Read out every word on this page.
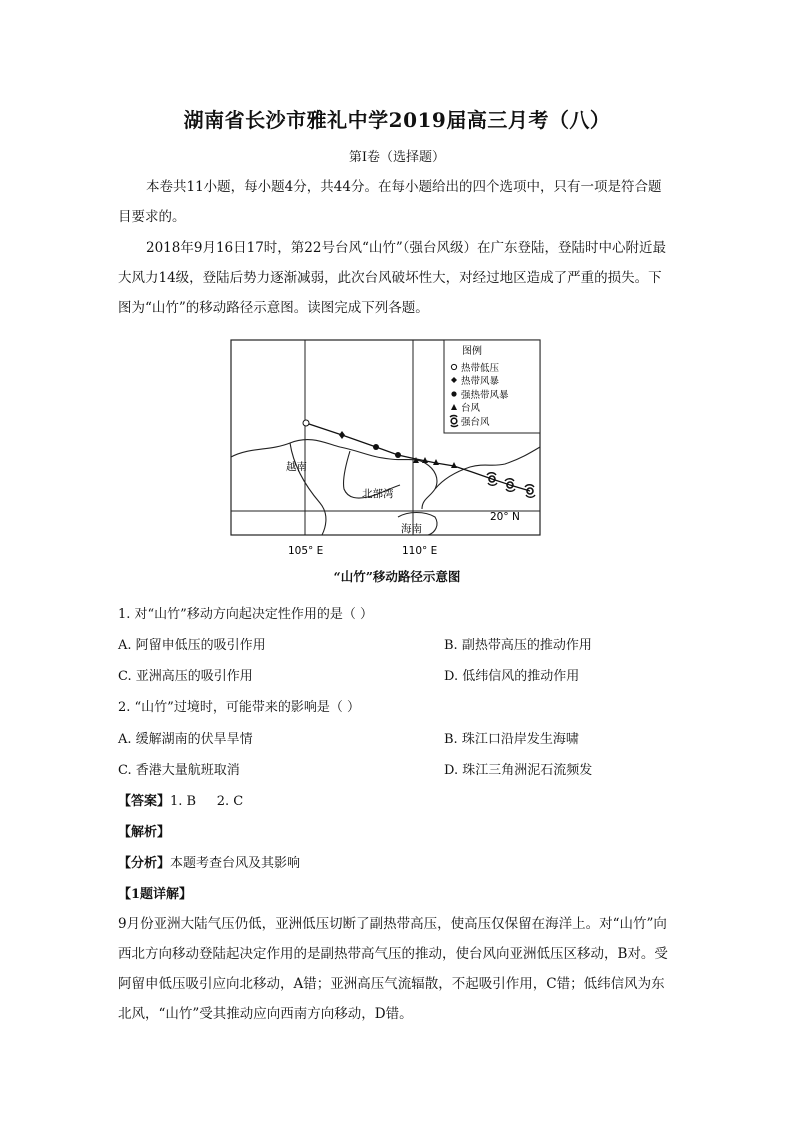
湖南省长沙市雅礼中学2019届高三月考（八）
第Ⅰ卷（选择题）
本卷共11小题，每小题4分，共44分。在每小题给出的四个选项中，只有一项是符合题目要求的。
2018年9月16日17时，第22号台风“山竹”（强台风级）在广东登陆，登陆时中心附近最大风力14级，登陆后势力逐渐减弱，此次台风破坏性大，对经过地区造成了严重的损失。下图为“山竹”的移动路径示意图。读图完成下列各题。
图例
热带低压
热带风暴
强热带风暴
台风
强台风
越南
北部湾
海南
20° N
105° E	110° E
“山竹”移动路径示意图
1. 对“山竹”移动方向起决定性作用的是（ ）
A. 阿留申低压的吸引作用	B. 副热带高压的推动作用
C. 亚洲高压的吸引作用	D. 低纬信风的推动作用
2. “山竹”过境时，可能带来的影响是（ ）
A. 缓解湖南的伏旱旱情	B. 珠江口沿岸发生海啸
C. 香港大量航班取消	D. 珠江三角洲泥石流频发
【答案】1. B     2. C
【解析】
【分析】本题考查台风及其影响
【1题详解】
9月份亚洲大陆气压仍低，亚洲低压切断了副热带高压，使高压仅保留在海洋上。对“山竹”向西北方向移动登陆起决定作用的是副热带高气压的推动，使台风向亚洲低压区移动，B对。受阿留申低压吸引应向北移动，A错；亚洲高压气流辐散，不起吸引作用，C错；低纬信风为东北风，“山竹”受其推动应向西南方向移动，D错。
